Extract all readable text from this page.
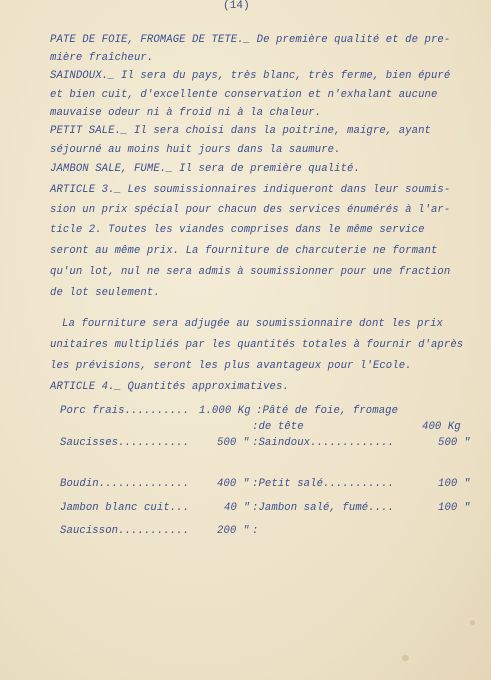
(14)
PATE DE FOIE, FROMAGE DE TETE._ De première qualité et de pre-
mière fraîcheur.
SAINDOUX._ Il sera du pays, très blanc, très ferme, bien épuré
et bien cuit, d'excellente conservation et n'exhalant aucune
mauvaise odeur ni à froid ni à la chaleur.
PETIT SALE._ Il sera choisi dans la poitrine, maigre, ayant
séjourné au moins huit jours dans la saumure.
JAMBON SALE, FUME._ Il sera de première qualité.
ARTICLE 3._ Les soumissionnaires indiqueront dans leur soumis-
sion un prix spécial pour chacun des services énumérés à l'ar-
ticle 2. Toutes les viandes comprises dans le même service
seront au même prix. La fourniture de charcuterie ne formant
qu'un lot, nul ne sera admis à soumissionner pour une fraction
de lot seulement.
La fourniture sera adjugée au soumissionnaire dont les prix
unitaires multipliés par les quantités totales à fournir d'après
les prévisions, seront les plus avantageux pour l'Ecole.
ARTICLE 4._ Quantités approximatives.
Porc frais.......... 1.000 Kg :Pâté de foie, fromage
:de tête	400 Kg
Saucisses...........	500 " :Saindoux.............	500 "
Boudin..............	400 " :Petit salé...........	100 "
Jambon blanc cuit...	40 " :Jambon salé, fumé....	100 "
Saucisson...........	200 " :
